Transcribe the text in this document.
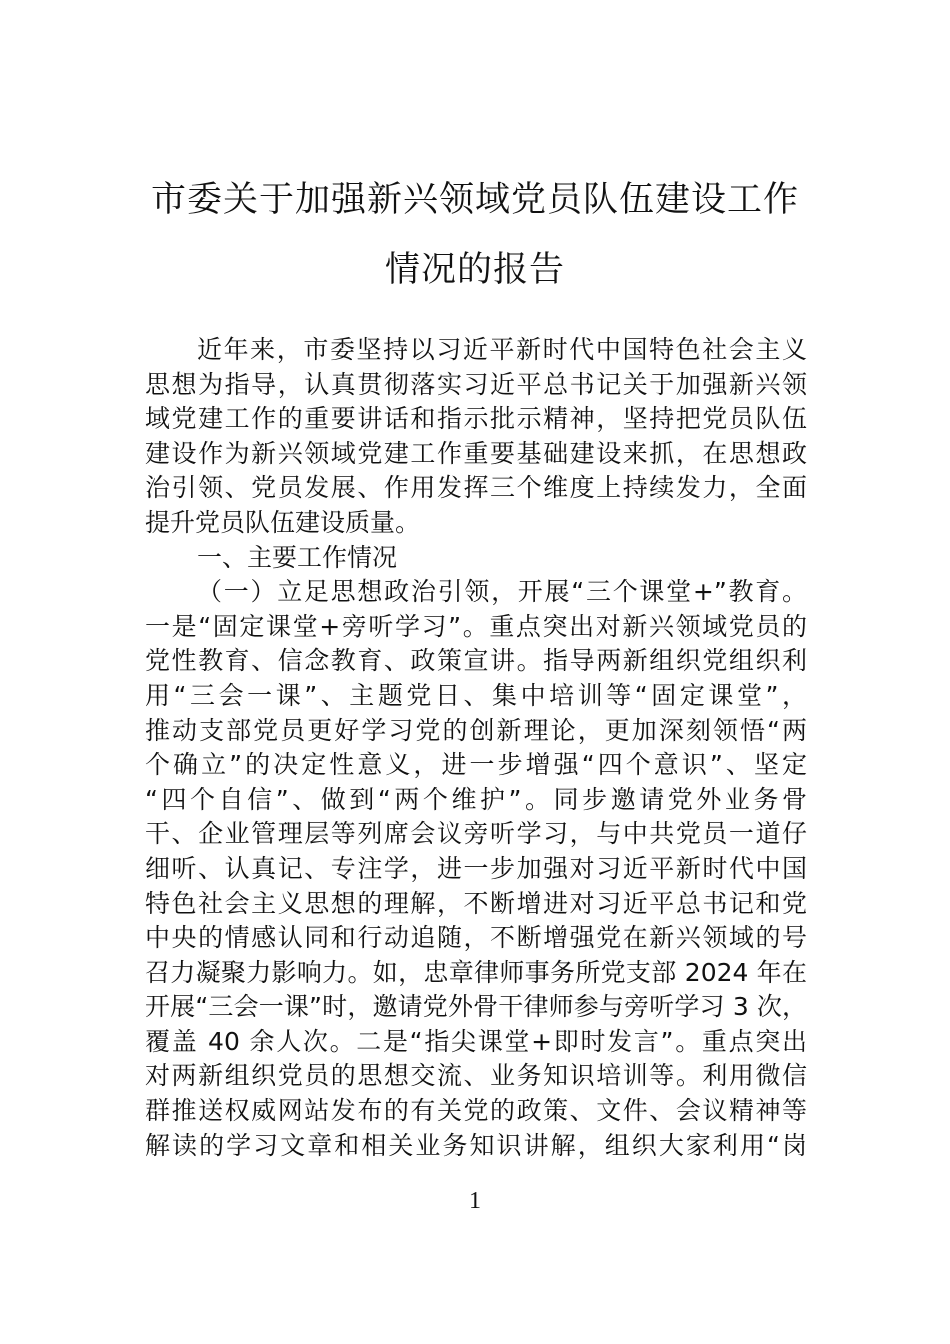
市委关于加强新兴领域党员队伍建设工作
情况的报告
近年来，市委坚持以习近平新时代中国特色社会主义
思想为指导，认真贯彻落实习近平总书记关于加强新兴领
域党建工作的重要讲话和指示批示精神，坚持把党员队伍
建设作为新兴领域党建工作重要基础建设来抓，在思想政
治引领、党员发展、作用发挥三个维度上持续发力，全面
提升党员队伍建设质量。
一、主要工作情况
（一）立足思想政治引领，开展“三个课堂+”教育。
一是“固定课堂+旁听学习”。重点突出对新兴领域党员的
党性教育、信念教育、政策宣讲。指导两新组织党组织利
用“三会一课”、主题党日、集中培训等“固定课堂”，
推动支部党员更好学习党的创新理论，更加深刻领悟“两
个确立”的决定性意义，进一步增强“四个意识”、坚定
“四个自信”、做到“两个维护”。同步邀请党外业务骨
干、企业管理层等列席会议旁听学习，与中共党员一道仔
细听、认真记、专注学，进一步加强对习近平新时代中国
特色社会主义思想的理解，不断增进对习近平总书记和党
中央的情感认同和行动追随，不断增强党在新兴领域的号
召力凝聚力影响力。如，忠章律师事务所党支部 2024 年在
开展“三会一课”时，邀请党外骨干律师参与旁听学习 3 次，
覆盖 40 余人次。二是“指尖课堂+即时发言”。重点突出
对两新组织党员的思想交流、业务知识培训等。利用微信
群推送权威网站发布的有关党的政策、文件、会议精神等
解读的学习文章和相关业务知识讲解，组织大家利用“岗
1
